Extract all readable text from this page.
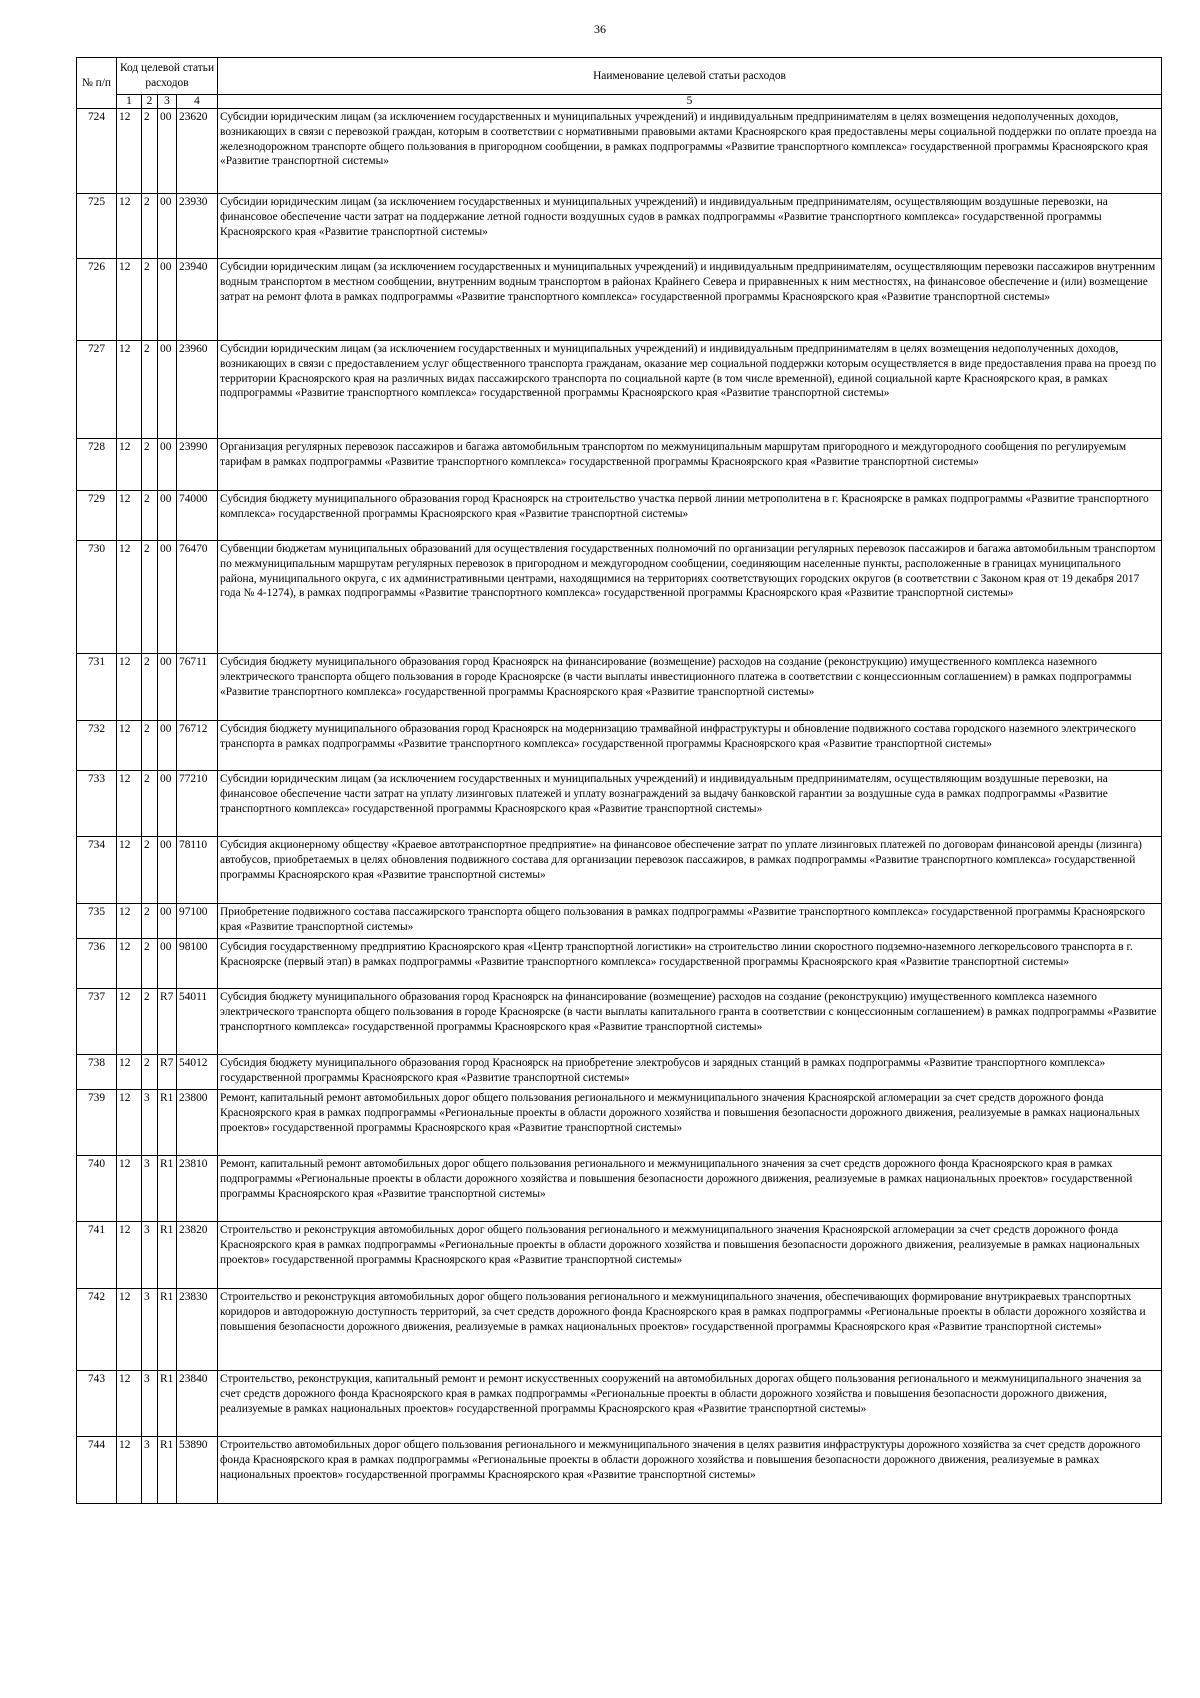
36
№ п/п	Код целевой статьи расходов				Наименование целевой статьи расходов
	1	2	3	4	5
724	12	2	00	23620	Субсидии юридическим лицам (за исключением государственных и муниципальных учреждений) и индивидуальным предпринимателям в целях возмещения недополученных доходов, возникающих в связи с перевозкой граждан, которым в соответствии с нормативными правовыми актами Красноярского края предоставлены меры социальной поддержки по оплате проезда на железнодорожном транспорте общего пользования в пригородном сообщении, в рамках подпрограммы «Развитие транспортного комплекса» государственной программы Красноярского края «Развитие транспортной системы»
725	12	2	00	23930	Субсидии юридическим лицам (за исключением государственных и муниципальных учреждений) и индивидуальным предпринимателям, осуществляющим воздушные перевозки, на финансовое обеспечение части затрат на поддержание летной годности воздушных судов в рамках подпрограммы «Развитие транспортного комплекса» государственной программы Красноярского края «Развитие транспортной системы»
726	12	2	00	23940	Субсидии юридическим лицам (за исключением государственных и муниципальных учреждений) и индивидуальным предпринимателям, осуществляющим перевозки пассажиров внутренним водным транспортом в местном сообщении, внутренним водным транспортом в районах Крайнего Севера и приравненных к ним местностях, на финансовое обеспечение и (или) возмещение затрат на ремонт флота в рамках подпрограммы «Развитие транспортного комплекса» государственной программы Красноярского края «Развитие транспортной системы»
727	12	2	00	23960	Субсидии юридическим лицам (за исключением государственных и муниципальных учреждений) и индивидуальным предпринимателям в целях возмещения недополученных доходов, возникающих в связи с предоставлением услуг общественного транспорта гражданам, оказание мер социальной поддержки которым осуществляется в виде предоставления права на проезд по территории Красноярского края на различных видах пассажирского транспорта по социальной карте (в том числе временной), единой социальной карте Красноярского края, в рамках подпрограммы «Развитие транспортного комплекса» государственной программы Красноярского края «Развитие транспортной системы»
728	12	2	00	23990	Организация регулярных перевозок пассажиров и багажа автомобильным транспортом по межмуниципальным маршрутам пригородного и междугородного сообщения по регулируемым тарифам в рамках подпрограммы «Развитие транспортного комплекса» государственной программы Красноярского края «Развитие транспортной системы»
729	12	2	00	74000	Субсидия бюджету муниципального образования город Красноярск на строительство участка первой линии метрополитена в г. Красноярске в рамках подпрограммы «Развитие транспортного комплекса» государственной программы Красноярского края «Развитие транспортной системы»
730	12	2	00	76470	Субвенции бюджетам муниципальных образований для осуществления государственных полномочий по организации регулярных перевозок пассажиров и багажа автомобильным транспортом по межмуниципальным маршрутам регулярных перевозок в пригородном и междугородном сообщении, соединяющим населенные пункты, расположенные в границах муниципального района, муниципального округа, с их административными центрами, находящимися на территориях соответствующих городских округов (в соответствии с Законом края от 19 декабря 2017 года № 4-1274), в рамках подпрограммы «Развитие транспортного комплекса» государственной программы Красноярского края «Развитие транспортной системы»
731	12	2	00	76711	Субсидия бюджету муниципального образования город Красноярск на финансирование (возмещение) расходов на создание (реконструкцию) имущественного комплекса наземного электрического транспорта общего пользования в городе Красноярске (в части выплаты инвестиционного платежа в соответствии с концессионным соглашением) в рамках подпрограммы «Развитие транспортного комплекса» государственной программы Красноярского края «Развитие транспортной системы»
732	12	2	00	76712	Субсидия бюджету муниципального образования город Красноярск на модернизацию трамвайной инфраструктуры и обновление подвижного состава городского наземного электрического транспорта в рамках подпрограммы «Развитие транспортного комплекса» государственной программы Красноярского края «Развитие транспортной системы»
733	12	2	00	77210	Субсидии юридическим лицам (за исключением государственных и муниципальных учреждений) и индивидуальным предпринимателям, осуществляющим воздушные перевозки, на финансовое обеспечение части затрат на уплату лизинговых платежей и уплату вознаграждений за выдачу банковской гарантии за воздушные суда в рамках подпрограммы «Развитие транспортного комплекса» государственной программы Красноярского края «Развитие транспортной системы»
734	12	2	00	78110	Субсидия акционерному обществу «Краевое автотранспортное предприятие» на финансовое обеспечение затрат по уплате лизинговых платежей по договорам финансовой аренды (лизинга) автобусов, приобретаемых в целях обновления подвижного состава для организации перевозок пассажиров, в рамках подпрограммы «Развитие транспортного комплекса» государственной программы Красноярского края «Развитие транспортной системы»
735	12	2	00	97100	Приобретение подвижного состава пассажирского транспорта общего пользования в рамках подпрограммы «Развитие транспортного комплекса» государственной программы Красноярского края «Развитие транспортной системы»
736	12	2	00	98100	Субсидия государственному предприятию Красноярского края «Центр транспортной логистики» на строительство линии скоростного подземно-наземного легкорельсового транспорта в г. Красноярске (первый этап) в рамках подпрограммы «Развитие транспортного комплекса» государственной программы Красноярского края «Развитие транспортной системы»
737	12	2	R7	54011	Субсидия бюджету муниципального образования город Красноярск на финансирование (возмещение) расходов на создание (реконструкцию) имущественного комплекса наземного электрического транспорта общего пользования в городе Красноярске (в части выплаты капитального гранта в соответствии с концессионным соглашением) в рамках подпрограммы «Развитие транспортного комплекса» государственной программы Красноярского края «Развитие транспортной системы»
738	12	2	R7	54012	Субсидия бюджету муниципального образования город Красноярск на приобретение электробусов и зарядных станций в рамках подпрограммы «Развитие транспортного комплекса» государственной программы Красноярского края «Развитие транспортной системы»
739	12	3	R1	23800	Ремонт, капитальный ремонт автомобильных дорог общего пользования регионального и межмуниципального значения Красноярской агломерации за счет средств дорожного фонда Красноярского края в рамках подпрограммы «Региональные проекты в области дорожного хозяйства и повышения безопасности дорожного движения, реализуемые в рамках национальных проектов» государственной программы Красноярского края «Развитие транспортной системы»
740	12	3	R1	23810	Ремонт, капитальный ремонт автомобильных дорог общего пользования регионального и межмуниципального значения за счет средств дорожного фонда Красноярского края в рамках подпрограммы «Региональные проекты в области дорожного хозяйства и повышения безопасности дорожного движения, реализуемые в рамках национальных проектов» государственной программы Красноярского края «Развитие транспортной системы»
741	12	3	R1	23820	Строительство и реконструкция автомобильных дорог общего пользования регионального и межмуниципального значения Красноярской агломерации за счет средств дорожного фонда Красноярского края в рамках подпрограммы «Региональные проекты в области дорожного хозяйства и повышения безопасности дорожного движения, реализуемые в рамках национальных проектов» государственной программы Красноярского края «Развитие транспортной системы»
742	12	3	R1	23830	Строительство и реконструкция автомобильных дорог общего пользования регионального и межмуниципального значения, обеспечивающих формирование внутрикраевых транспортных коридоров и автодорожную доступность территорий, за счет средств дорожного фонда Красноярского края в рамках подпрограммы «Региональные проекты в области дорожного хозяйства и повышения безопасности дорожного движения, реализуемые в рамках национальных проектов» государственной программы Красноярского края «Развитие транспортной системы»
743	12	3	R1	23840	Строительство, реконструкция, капитальный ремонт и ремонт искусственных сооружений на автомобильных дорогах общего пользования регионального и межмуниципального значения за счет средств дорожного фонда Красноярского края в рамках подпрограммы «Региональные проекты в области дорожного хозяйства и повышения безопасности дорожного движения, реализуемые в рамках национальных проектов» государственной программы Красноярского края «Развитие транспортной системы»
744	12	3	R1	53890	Строительство автомобильных дорог общего пользования регионального и межмуниципального значения в целях развития инфраструктуры дорожного хозяйства за счет средств дорожного фонда Красноярского края в рамках подпрограммы «Региональные проекты в области дорожного хозяйства и повышения безопасности дорожного движения, реализуемые в рамках национальных проектов» государственной программы Красноярского края «Развитие транспортной системы»
